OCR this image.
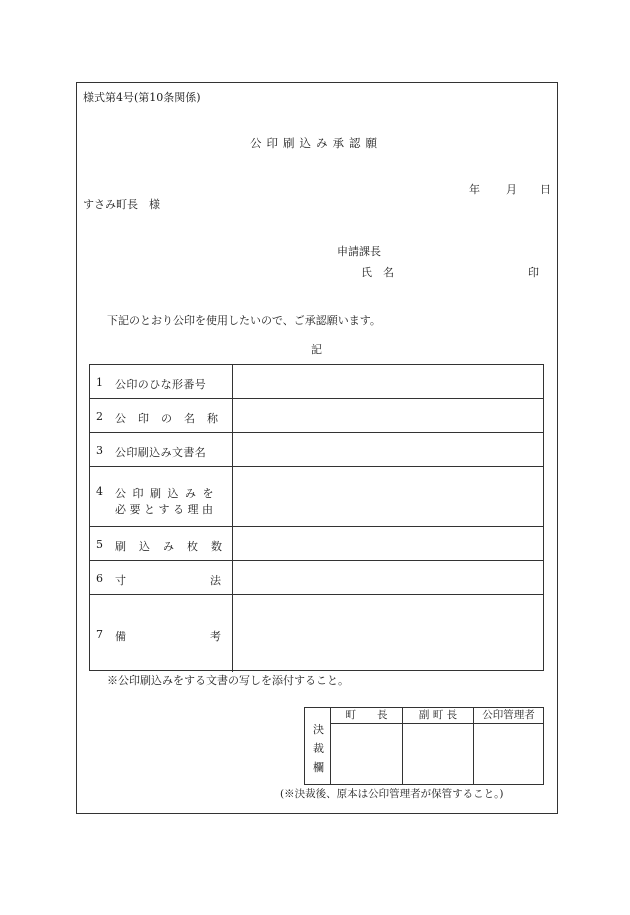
様式第4号(第10条関係)
公印刷込み承認願
年 月 日
すさみ町長　様
申請課長
氏　名	印
下記のとおり公印を使用したいので、ご承認願います。
記
1 公印のひな形番号
2 公印の名称
3 公印刷込み文書名
4 公印刷込みを
必要とする理由
5 刷込み枚数
6 寸	法
7 備	考
※公印刷込みをする文書の写しを添付すること。
決
裁
欄
町　　長	副 町 長	公印管理者
(※決裁後、原本は公印管理者が保管すること。)
